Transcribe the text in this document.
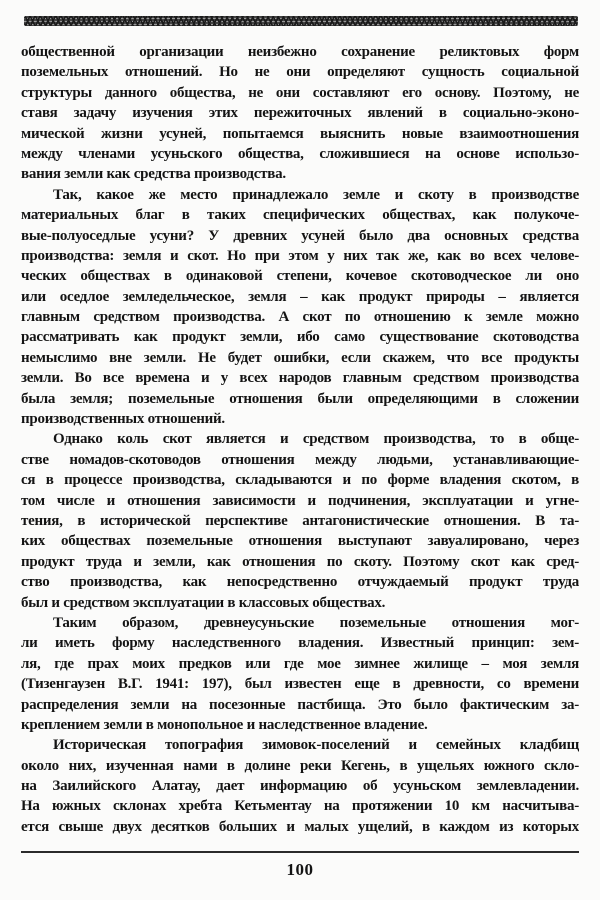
общественной организации неизбежно сохранение реликтовых форм
поземельных отношений. Но не они определяют сущность социальной
структуры данного общества, не они составляют его основу. Поэтому, не
ставя задачу изучения этих пережиточных явлений в социально-эконо-
мической жизни усуней, попытаемся выяснить новые взаимоотношения
между членами усуньского общества, сложившиеся на основе использо-
вания земли как средства производства.
Так, какое же место принадлежало земле и скоту в производстве
материальных благ в таких специфических обществах, как полукоче-
вые-полуоседлые усуни? У древних усуней было два основных средства
производства: земля и скот. Но при этом у них так же, как во всех челове-
ческих обществах в одинаковой степени, кочевое скотоводческое ли оно
или оседлое земледельческое, земля – как продукт природы – является
главным средством производства. А скот по отношению к земле можно
рассматривать как продукт земли, ибо само существование скотоводства
немыслимо вне земли. Не будет ошибки, если скажем, что все продукты
земли. Во все времена и у всех народов главным средством производства
была земля; поземельные отношения были определяющими в сложении
производственных отношений.
Однако коль скот является и средством производства, то в обще-
стве номадов-скотоводов отношения между людьми, устанавливающие-
ся в процессе производства, складываются и по форме владения скотом, в
том числе и отношения зависимости и подчинения, эксплуатации и угне-
тения, в исторической перспективе антагонистические отношения. В та-
ких обществах поземельные отношения выступают завуалировано, через
продукт труда и земли, как отношения по скоту. Поэтому скот как сред-
ство производства, как непосредственно отчуждаемый продукт труда
был и средством эксплуатации в классовых обществах.
Таким образом, древнеусуньские поземельные отношения мог-
ли иметь форму наследственного владения. Известный принцип: зем-
ля, где прах моих предков или где мое зимнее жилище – моя земля
(Тизенгаузен В.Г. 1941: 197), был известен еще в древности, со времени
распределения земли на посезонные пастбища. Это было фактическим за-
креплением земли в монопольное и наследственное владение.
Историческая топография зимовок-поселений и семейных кладбищ
около них, изученная нами в долине реки Кегень, в ущельях южного скло-
на Заилийского Алатау, дает информацию об усуньском землевладении.
На южных склонах хребта Кетьментау на протяжении 10 км насчитыва-
ется свыше двух десятков больших и малых ущелий, в каждом из которых
100
